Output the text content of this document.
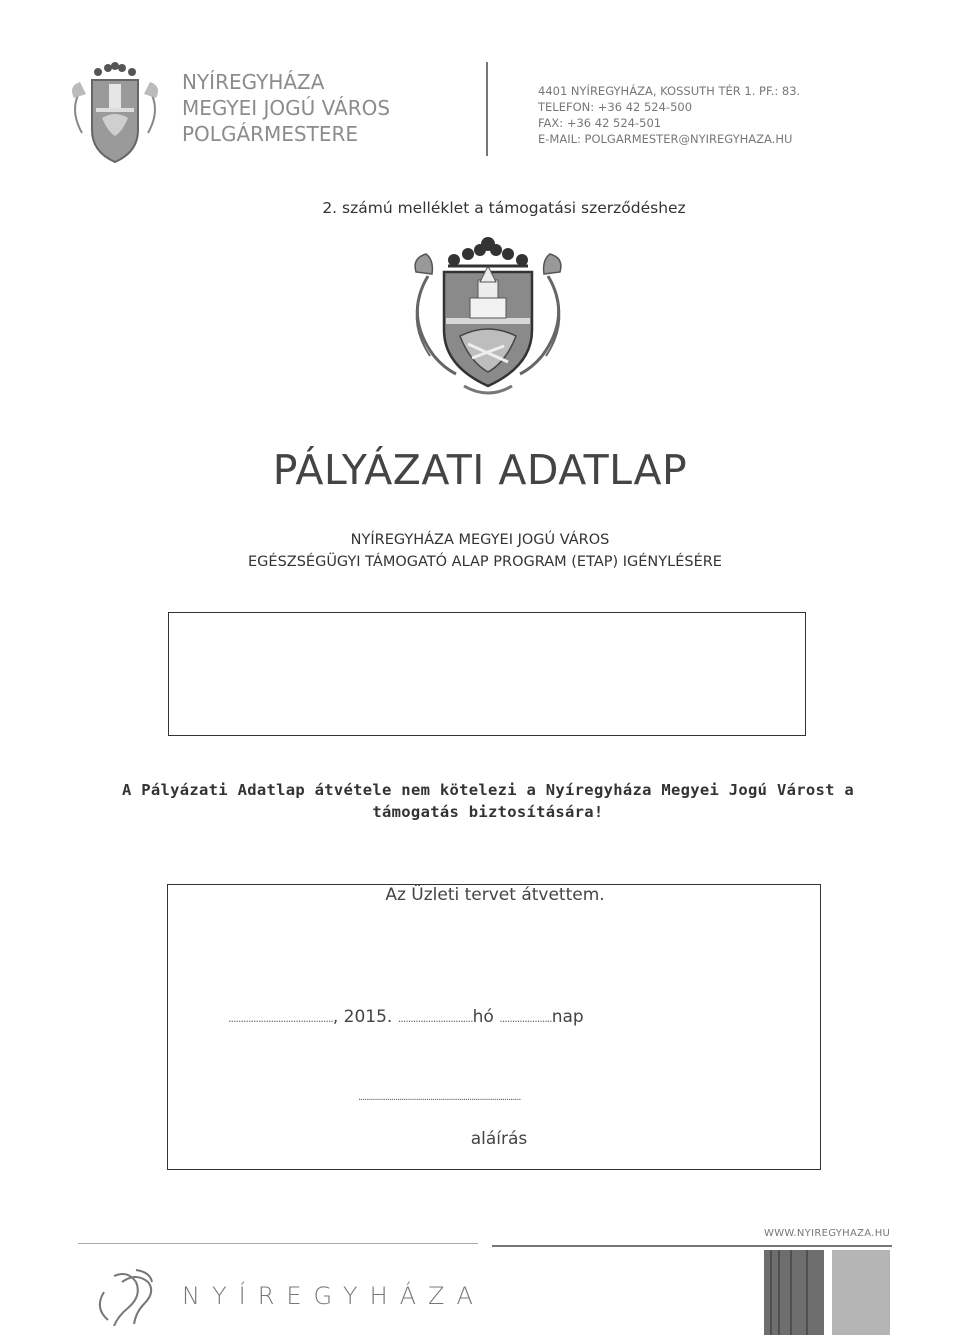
NYÍREGYHÁZA
MEGYEI JOGÚ VÁROS
POLGÁRMESTERE
4401 NYÍREGYHÁZA, KOSSUTH TÉR 1. PF.: 83.
TELEFON: +36 42 524-500
FAX: +36 42 524-501
E-MAIL: POLGARMESTER@NYIREGYHAZA.HU
2. számú melléklet a támogatási szerződéshez
PÁLYÁZATI ADATLAP
NYÍREGYHÁZA MEGYEI JOGÚ VÁROS
EGÉSZSÉGÜGYI TÁMOGATÓ ALAP PROGRAM (ETAP) IGÉNYLÉSÉRE
A Pályázati Adatlap átvétele nem kötelezi a Nyíregyháza Megyei Jogú Várost a
támogatás biztosítására!
Az Üzleti tervet átvettem.
.........................................., 2015. ..............................hó .....................nap
...............................................................................
aláírás
WWW.NYIREGYHAZA.HU
NYÍREGYHÁZA
